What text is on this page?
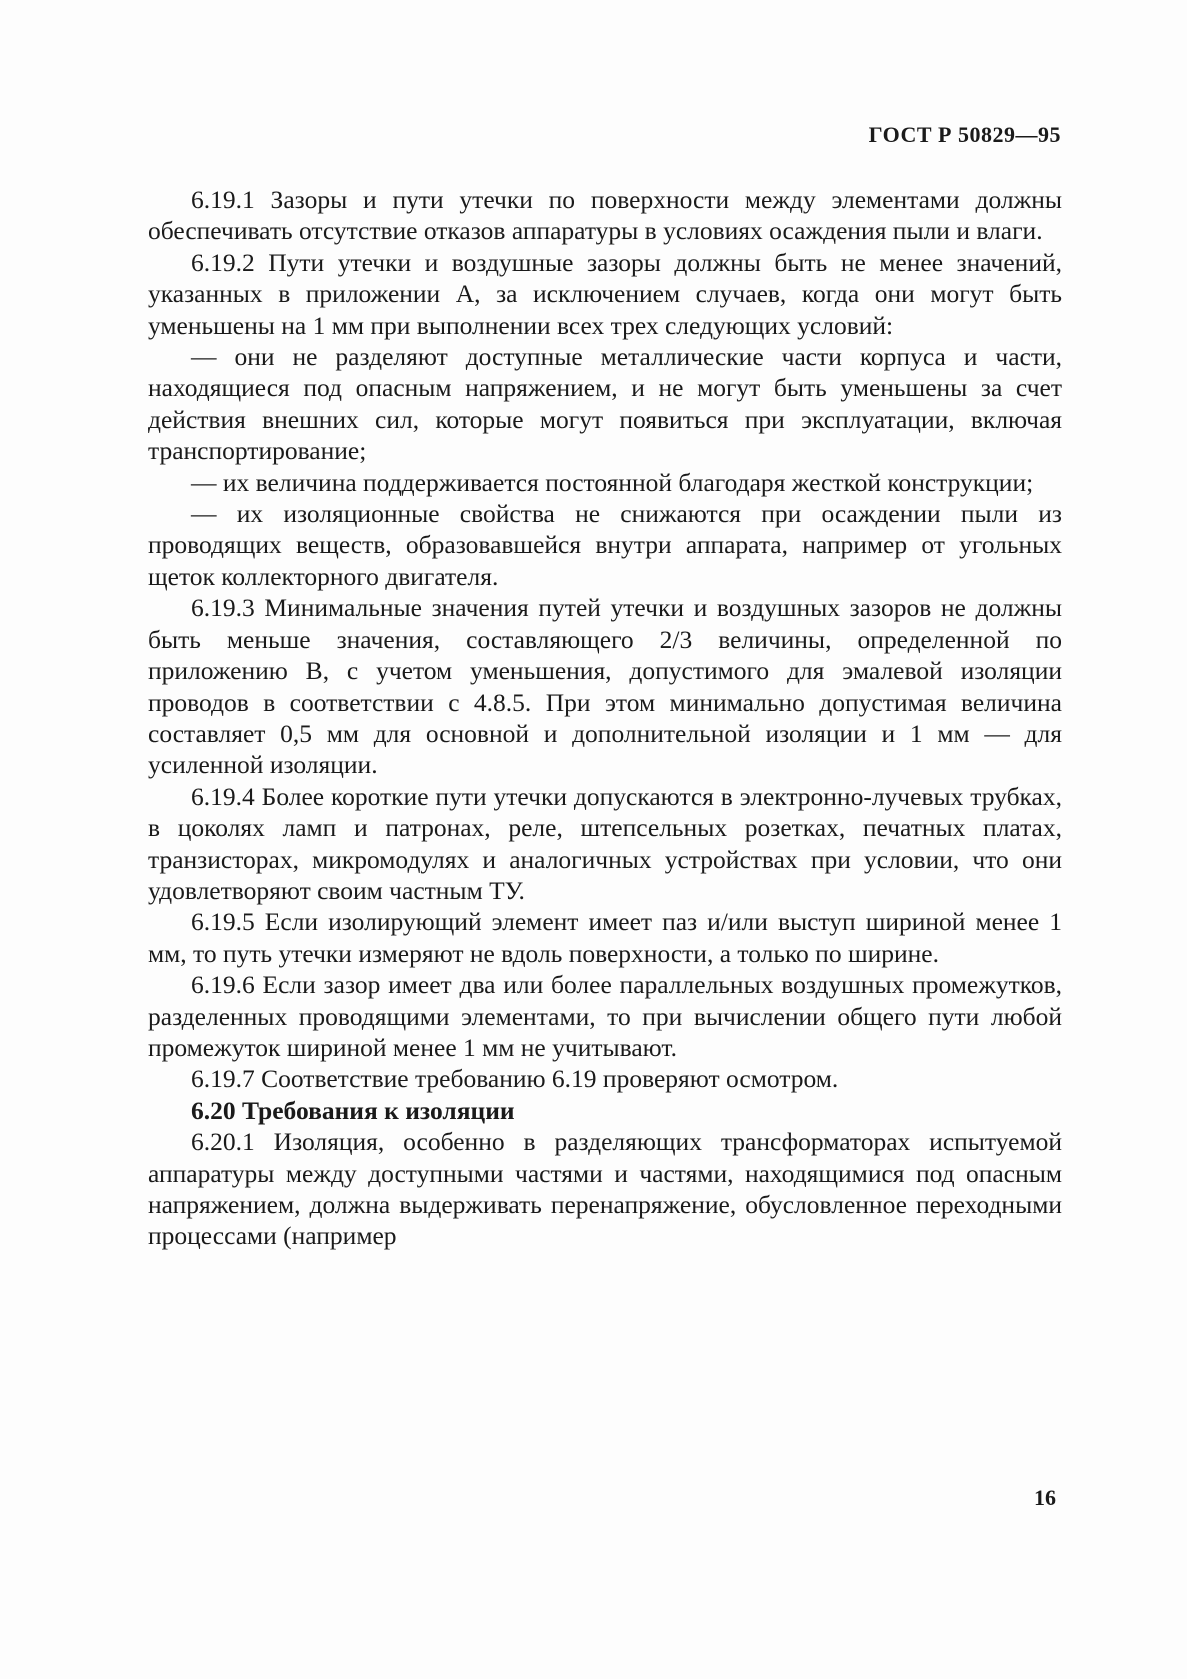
ГОСТ Р 50829—95

6.19.1 Зазоры и пути утечки по поверхности между элементами должны обеспечивать отсутствие отказов аппаратуры в условиях осаждения пыли и влаги.

6.19.2 Пути утечки и воздушные зазоры должны быть не менее значений, указанных в приложении А, за исключением случаев, когда они могут быть уменьшены на 1 мм при выполнении всех трех следующих условий:

— они не разделяют доступные металлические части корпуса и части, находящиеся под опасным напряжением, и не могут быть уменьшены за счет действия внешних сил, которые могут появиться при эксплуатации, включая транспортирование;

— их величина поддерживается постоянной благодаря жесткой конструкции;

— их изоляционные свойства не снижаются при осаждении пыли из проводящих веществ, образовавшейся внутри аппарата, например от угольных щеток коллекторного двигателя.

6.19.3 Минимальные значения путей утечки и воздушных зазоров не должны быть меньше значения, составляющего 2/3 величины, определенной по приложению В, с учетом уменьшения, допустимого для эмалевой изоляции проводов в соответствии с 4.8.5. При этом минимально допустимая величина составляет 0,5 мм для основной и дополнительной изоляции и 1 мм — для усиленной изоляции.

6.19.4 Более короткие пути утечки допускаются в электронно-лучевых трубках, в цоколях ламп и патронах, реле, штепсельных розетках, печатных платах, транзисторах, микромодулях и аналогичных устройствах при условии, что они удовлетворяют своим частным ТУ.

6.19.5 Если изолирующий элемент имеет паз и/или выступ шириной менее 1 мм, то путь утечки измеряют не вдоль поверхности, а только по ширине.

6.19.6 Если зазор имеет два или более параллельных воздушных промежутков, разделенных проводящими элементами, то при вычислении общего пути любой промежуток шириной менее 1 мм не учитывают.

6.19.7 Соответствие требованию 6.19 проверяют осмотром.

6.20 Требования к изоляции

6.20.1 Изоляция, особенно в разделяющих трансформаторах испытуемой аппаратуры между доступными частями и частями, находящимися под опасным напряжением, должна выдерживать перенапряжение, обусловленное переходными процессами (например

16
